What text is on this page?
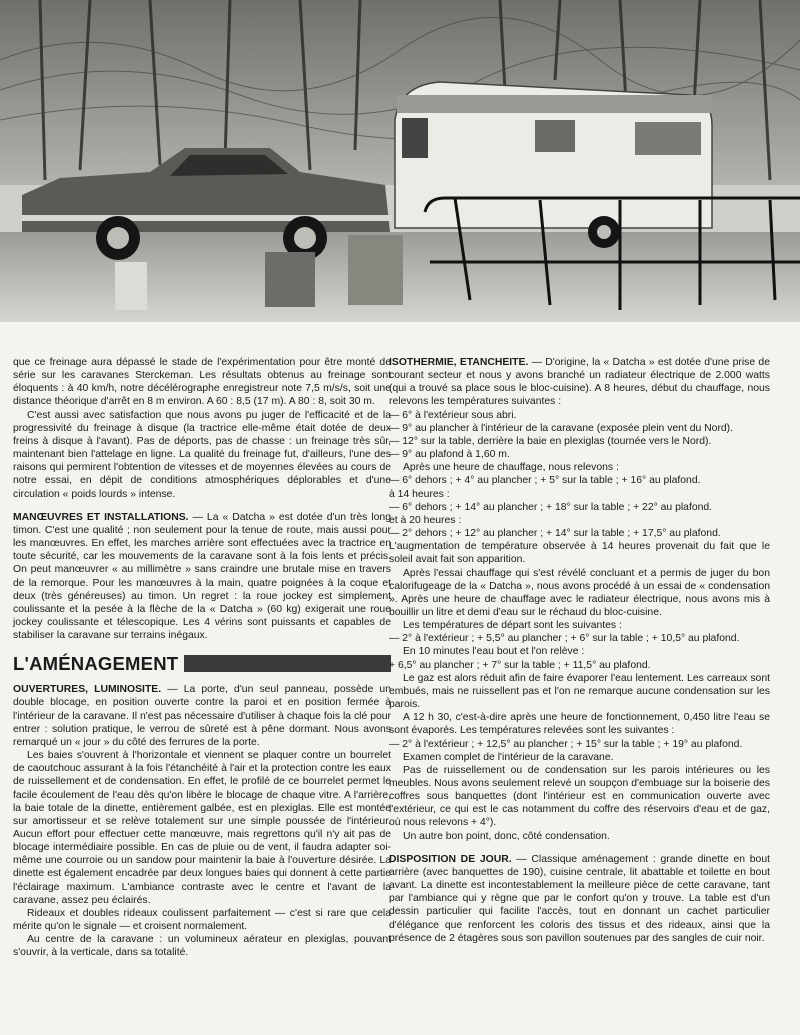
que ce freinage aura dépassé le stade de l'expérimentation pour être monté de série sur les caravanes Sterckeman. Les résultats obtenus au freinage sont éloquents : à 40 km/h, notre décélérographe enregistreur note 7,5 m/s/s, soit une distance théorique d'arrêt en 8 m environ. A 60 : 8,5 (17 m). A 80 : 8, soit 30 m.

C'est aussi avec satisfaction que nous avons pu juger de l'efficacité et de la progressivité du freinage à disque (la tractrice elle-même était dotée de deux freins à disque à l'avant). Pas de déports, pas de chasse : un freinage très sûr, maintenant bien l'attelage en ligne. La qualité du freinage fut, d'ailleurs, l'une des raisons qui permirent l'obtention de vitesses et de moyennes élevées au cours de notre essai, en dépit de conditions atmosphériques déplorables et d'une circulation « poids lourds » intense.

MANŒUVRES ET INSTALLATIONS. — La « Datcha » est dotée d'un très long timon. C'est une qualité ; non seulement pour la tenue de route, mais aussi pour les manœuvres. En effet, les marches arrière sont effectuées avec la tractrice en toute sécurité, car les mouvements de la caravane sont à la fois lents et précis. On peut manœuvrer « au millimètre » sans craindre une brutale mise en travers de la remorque. Pour les manœuvres à la main, quatre poignées à la coque et deux (très généreuses) au timon. Un regret : la roue jockey est simplement coulissante et la pesée à la flèche de la « Datcha » (60 kg) exigerait une roue jockey coulissante et télescopique. Les 4 vérins sont puissants et capables de stabiliser la caravane sur terrains inégaux.

L'AMÉNAGEMENT

OUVERTURES, LUMINOSITE. — La porte, d'un seul panneau, possède un double blocage, en position ouverte contre la paroi et en position fermée à l'intérieur de la caravane. Il n'est pas nécessaire d'utiliser à chaque fois la clé pour entrer : solution pratique, le verrou de sûreté est à pêne dormant. Nous avons remarqué un « jour » du côté des ferrures de la porte.

Les baies s'ouvrent à l'horizontale et viennent se plaquer contre un bourrelet de caoutchouc assurant à la fois l'étanchéité à l'air et la protection contre les eaux de ruissellement et de condensation. En effet, le profilé de ce bourrelet permet le facile écoulement de l'eau dès qu'on libère le blocage de chaque vitre. A l'arrière, la baie totale de la dinette, entièrement galbée, est en plexiglas. Elle est montée sur amortisseur et se relève totalement sur une simple poussée de l'intérieur. Aucun effort pour effectuer cette manœuvre, mais regrettons qu'il n'y ait pas de blocage intermédiaire possible. En cas de pluie ou de vent, il faudra adapter soi-même une courroie ou un sandow pour maintenir la baie à l'ouverture désirée. La dinette est également encadrée par deux longues baies qui donnent à cette partie l'éclairage maximum. L'ambiance contraste avec le centre et l'avant de la caravane, assez peu éclairés.

Rideaux et doubles rideaux coulissent parfaitement — c'est si rare que cela mérite qu'on le signale — et croisent normalement.

Au centre de la caravane : un volumineux aérateur en plexiglas, pouvant s'ouvrir, à la verticale, dans sa totalité.

ISOTHERMIE, ETANCHEITE. — D'origine, la « Datcha » est dotée d'une prise de courant secteur et nous y avons branché un radiateur électrique de 2.000 watts (qui a trouvé sa place sous le bloc-cuisine). A 8 heures, début du chauffage, nous relevons les températures suivantes :
— 6° à l'extérieur sous abri.
— 9° au plancher à l'intérieur de la caravane (exposée plein vent du Nord).
— 12° sur la table, derrière la baie en plexiglas (tournée vers le Nord).
— 9° au plafond à 1,60 m.

Après une heure de chauffage, nous relevons :
— 6° dehors ; + 4° au plancher ; + 5° sur la table ; + 16° au plafond.
à 14 heures :
— 6° dehors ; + 14° au plancher ; + 18° sur la table ; + 22° au plafond.
et à 20 heures :
— 2° dehors ; + 12° au plancher ; + 14° sur la table ; + 17,5° au plafond.

L'augmentation de température observée à 14 heures provenait du fait que le soleil avait fait son apparition.

Après l'essai chauffage qui s'est révélé concluant et a permis de juger du bon calorifugeage de la « Datcha », nous avons procédé à un essai de « condensation ». Après une heure de chauffage avec le radiateur électrique, nous avons mis à bouillir un litre et demi d'eau sur le réchaud du bloc-cuisine.

Les températures de départ sont les suivantes :
— 2° à l'extérieur ; + 5,5° au plancher ; + 6° sur la table ; + 10,5° au plafond.

En 10 minutes l'eau bout et l'on relève :
+ 6,5° au plancher ; + 7° sur la table ; + 11,5° au plafond.

Le gaz est alors réduit afin de faire évaporer l'eau lentement. Les carreaux sont embués, mais ne ruissellent pas et l'on ne remarque aucune condensation sur les parois.

A 12 h 30, c'est-à-dire après une heure de fonctionnement, 0,450 litre l'eau se sont évaporés. Les températures relevées sont les suivantes :
— 2° à l'extérieur ; + 12,5° au plancher ; + 15° sur la table ; + 19° au plafond.

Examen complet de l'intérieur de la caravane.

Pas de ruissellement ou de condensation sur les parois intérieures ou les meubles. Nous avons seulement relevé un soupçon d'embuage sur la boiserie des coffres sous banquettes (dont l'intérieur est en communication ouverte avec l'extérieur, ce qui est le cas notamment du coffre des réservoirs d'eau et de gaz, où nous relevons + 4°).

Un autre bon point, donc, côté condensation.

DISPOSITION DE JOUR. — Classique aménagement : grande dinette en bout arrière (avec banquettes de 190), cuisine centrale, lit abattable et toilette en bout avant. La dinette est incontestablement la meilleure pièce de cette caravane, tant par l'ambiance qui y règne que par le confort qu'on y trouve. La table est d'un dessin particulier qui facilite l'accès, tout en donnant un cachet particulier d'élégance que renforcent les coloris des tissus et des rideaux, ainsi que la présence de 2 étagères sous son pavillon soutenues par des sangles de cuir noir.
